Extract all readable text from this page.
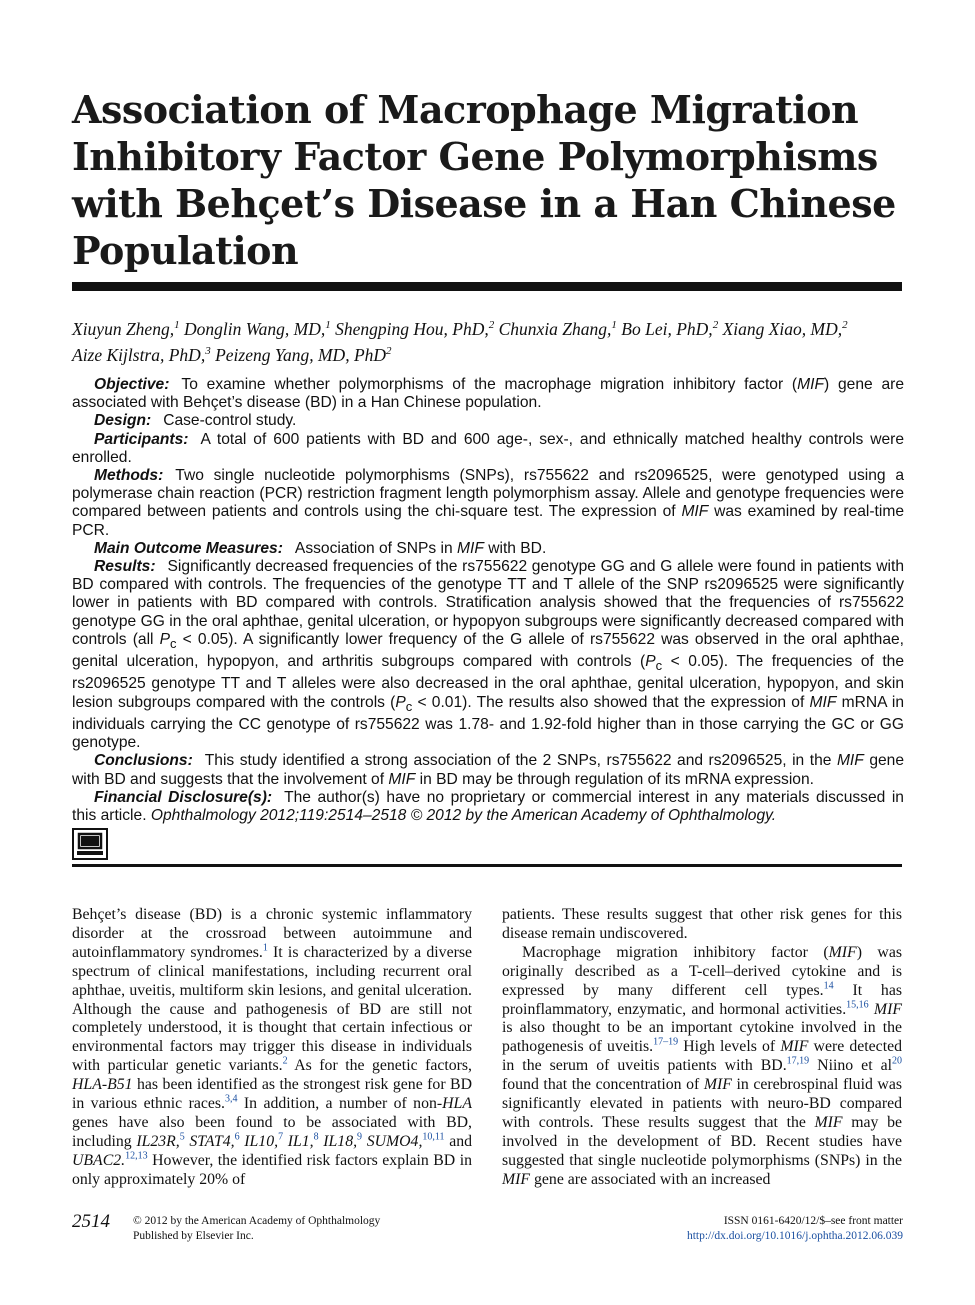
Association of Macrophage Migration Inhibitory Factor Gene Polymorphisms with Behçet’s Disease in a Han Chinese Population
Xiuyun Zheng,$^1$ Donglin Wang, MD,$^1$ Shengping Hou, PhD,$^2$ Chunxia Zhang,$^1$ Bo Lei, PhD,$^2$ Xiang Xiao, MD,$^2$
Aize Kijlstra, PhD,$^3$ Peizeng Yang, MD, PhD$^2$

Objective: To examine whether polymorphisms of the macrophage migration inhibitory factor (MIF) gene are associated with Behçet’s disease (BD) in a Han Chinese population.

Design: Case-control study.

Participants: A total of 600 patients with BD and 600 age-, sex-, and ethnically matched healthy controls were enrolled.

Methods: Two single nucleotide polymorphisms (SNPs), rs755622 and rs2096525, were genotyped using a polymerase chain reaction (PCR) restriction fragment length polymorphism assay. Allele and genotype frequencies were compared between patients and controls using the chi-square test. The expression of MIF was examined by real-time PCR.

Main Outcome Measures: Association of SNPs in MIF with BD.

Results: Significantly decreased frequencies of the rs755622 genotype GG and G allele were found in patients with BD compared with controls. The frequencies of the genotype TT and T allele of the SNP rs2096525 were significantly lower in patients with BD compared with controls. Stratification analysis showed that the frequencies of rs755622 genotype GG in the oral aphthae, genital ulceration, or hypopyon subgroups were significantly decreased compared with controls (all $P_c < 0.05$). A significantly lower frequency of the G allele of rs755622 was observed in the oral aphthae, genital ulceration, hypopyon, and arthritis subgroups compared with controls $(P_c < 0.05)$. The frequencies of the rs2096525 genotype TT and T alleles were also decreased in the oral aphthae, genital ulceration, hypopyon, and skin lesion subgroups compared with the controls $(P_c < 0.01)$. The results also showed that the expression of MIF mRNA in individuals carrying the CC genotype of rs755622 was 1.78- and 1.92-fold higher than in those carrying the GC or GG genotype.

Conclusions: This study identified a strong association of the 2 SNPs, rs755622 and rs2096525, in the MIF gene with BD and suggests that the involvement of MIF in BD may be through regulation of its mRNA expression.

Financial Disclosure(s): The author(s) have no proprietary or commercial interest in any materials discussed in this article. Ophthalmology 2012;119:2514–2518 © 2012 by the American Academy of Ophthalmology.

Behçet’s disease (BD) is a chronic systemic inflammatory disorder at the crossroad between autoimmune and autoinflammatory syndromes.$^1$ It is characterized by a diverse spectrum of clinical manifestations, including recurrent oral aphthae, uveitis, multiform skin lesions, and genital ulceration. Although the cause and pathogenesis of BD are still not completely understood, it is thought that certain infectious or environmental factors may trigger this disease in individuals with particular genetic variants.$^2$ As for the genetic factors, HLA-B51 has been identified as the strongest risk gene for BD in various ethnic races.$^{3,4}$ In addition, a number of non-HLA genes have also been found to be associated with BD, including IL23R,$^5$ STAT4,$^6$ IL10,$^7$ IL1,$^8$ IL18,$^9$ SUMO4,$^{10,11}$ and UBAC2.$^{12,13}$ However, the identified risk factors explain BD in only approximately 20% of

patients. These results suggest that other risk genes for this disease remain undiscovered.

Macrophage migration inhibitory factor (MIF) was originally described as a T-cell–derived cytokine and is expressed by many different cell types.$^{14}$ It has proinflammatory, enzymatic, and hormonal activities.$^{15,16}$ MIF is also thought to be an important cytokine involved in the pathogenesis of uveitis.$^{17-19}$ High levels of MIF were detected in the serum of uveitis patients with BD.$^{17,19}$ Niino et $al^{20}$ found that the concentration of MIF in cerebrospinal fluid was significantly elevated in patients with neuro-BD compared with controls. These results suggest that the MIF may be involved in the development of BD. Recent studies have suggested that single nucleotide polymorphisms (SNPs) in the MIF gene are associated with an increased

2514 © 2012 by the American Academy of Ophthalmology
Published by Elsevier Inc.
ISSN 0161-6420/12/$–see front matter
http://dx.doi.org/10.1016/j.ophtha.2012.06.039
